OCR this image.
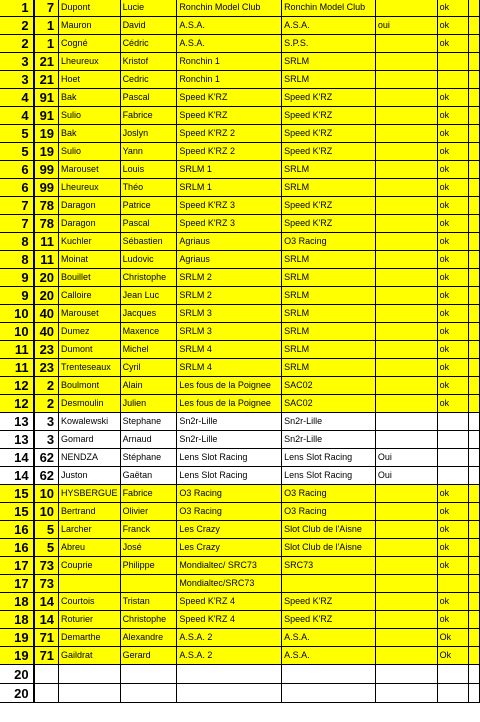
1	7	Dupont	Lucie	Ronchin Model Club	Ronchin Model Club		ok	
2	1	Mauron	David	A.S.A.	A.S.A.	oui	ok	
2	1	Cogné	Cédric	A.S.A.	S.P.S.		ok	
3	21	Lheureux	Kristof	Ronchin 1	SRLM			
3	21	Hoet	Cedric	Ronchin 1	SRLM			
4	91	Bak	Pascal	Speed K'RZ	Speed K'RZ		ok	
4	91	Sulio	Fabrice	Speed K'RZ	Speed K'RZ		ok	
5	19	Bak	Joslyn	Speed K'RZ 2	Speed K'RZ		ok	
5	19	Sulio	Yann	Speed K'RZ 2	Speed K'RZ		ok	
6	99	Marouset	Louis	SRLM 1	SRLM		ok	
6	99	Lheureux	Théo	SRLM 1	SRLM		ok	
7	78	Daragon	Patrice	Speed K'RZ 3	Speed K'RZ		ok	
7	78	Daragon	Pascal	Speed K'RZ 3	Speed K'RZ		ok	
8	11	Kuchler	Sébastien	Agriaus	O3 Racing		ok	
8	11	Moinat	Ludovic	Agriaus	SRLM		ok	
9	20	Bouillet	Christophe	SRLM 2	SRLM		ok	
9	20	Calloire	Jean Luc	SRLM 2	SRLM		ok	
10	40	Marouset	Jacques	SRLM 3	SRLM		ok	
10	40	Dumez	Maxence	SRLM 3	SRLM		ok	
11	23	Dumont	Michel	SRLM 4	SRLM		ok	
11	23	Trenteseaux	Cyril	SRLM 4	SRLM		ok	
12	2	Boulmont	Alain	Les fous de la Poignee	SAC02		ok	
12	2	Desmoulin	Julien	Les fous de la Poignee	SAC02		ok	
13	3	Kowalewski	Stephane	Sn2r-Lille	Sn2r-Lille			
13	3	Gomard	Arnaud	Sn2r-Lille	Sn2r-Lille			
14	62	NENDZA	Stéphane	Lens Slot Racing	Lens Slot Racing	Oui		
14	62	Juston	Gaëtan	Lens Slot Racing	Lens Slot Racing	Oui		
15	10	HYSBERGUE	Fabrice	O3 Racing	O3 Racing		ok	
15	10	Bertrand	Olivier	O3 Racing	O3 Racing		ok	
16	5	Larcher	Franck	Les Crazy	Slot Club de l'Aisne		ok	
16	5	Abreu	José	Les Crazy	Slot Club de l'Aisne		ok	
17	73	Couprie	Philippe	Mondialtec/ SRC73	SRC73		ok	
17	73			Mondialtec/SRC73				
18	14	Courtois	Tristan	Speed K'RZ 4	Speed K'RZ		ok	
18	14	Roturier	Christophe	Speed K'RZ 4	Speed K'RZ		ok	
19	71	Demarthe	Alexandre	A.S.A. 2	A.S.A.		Ok	
19	71	Gaildrat	Gerard	A.S.A. 2	A.S.A.		Ok	
20								
20								
